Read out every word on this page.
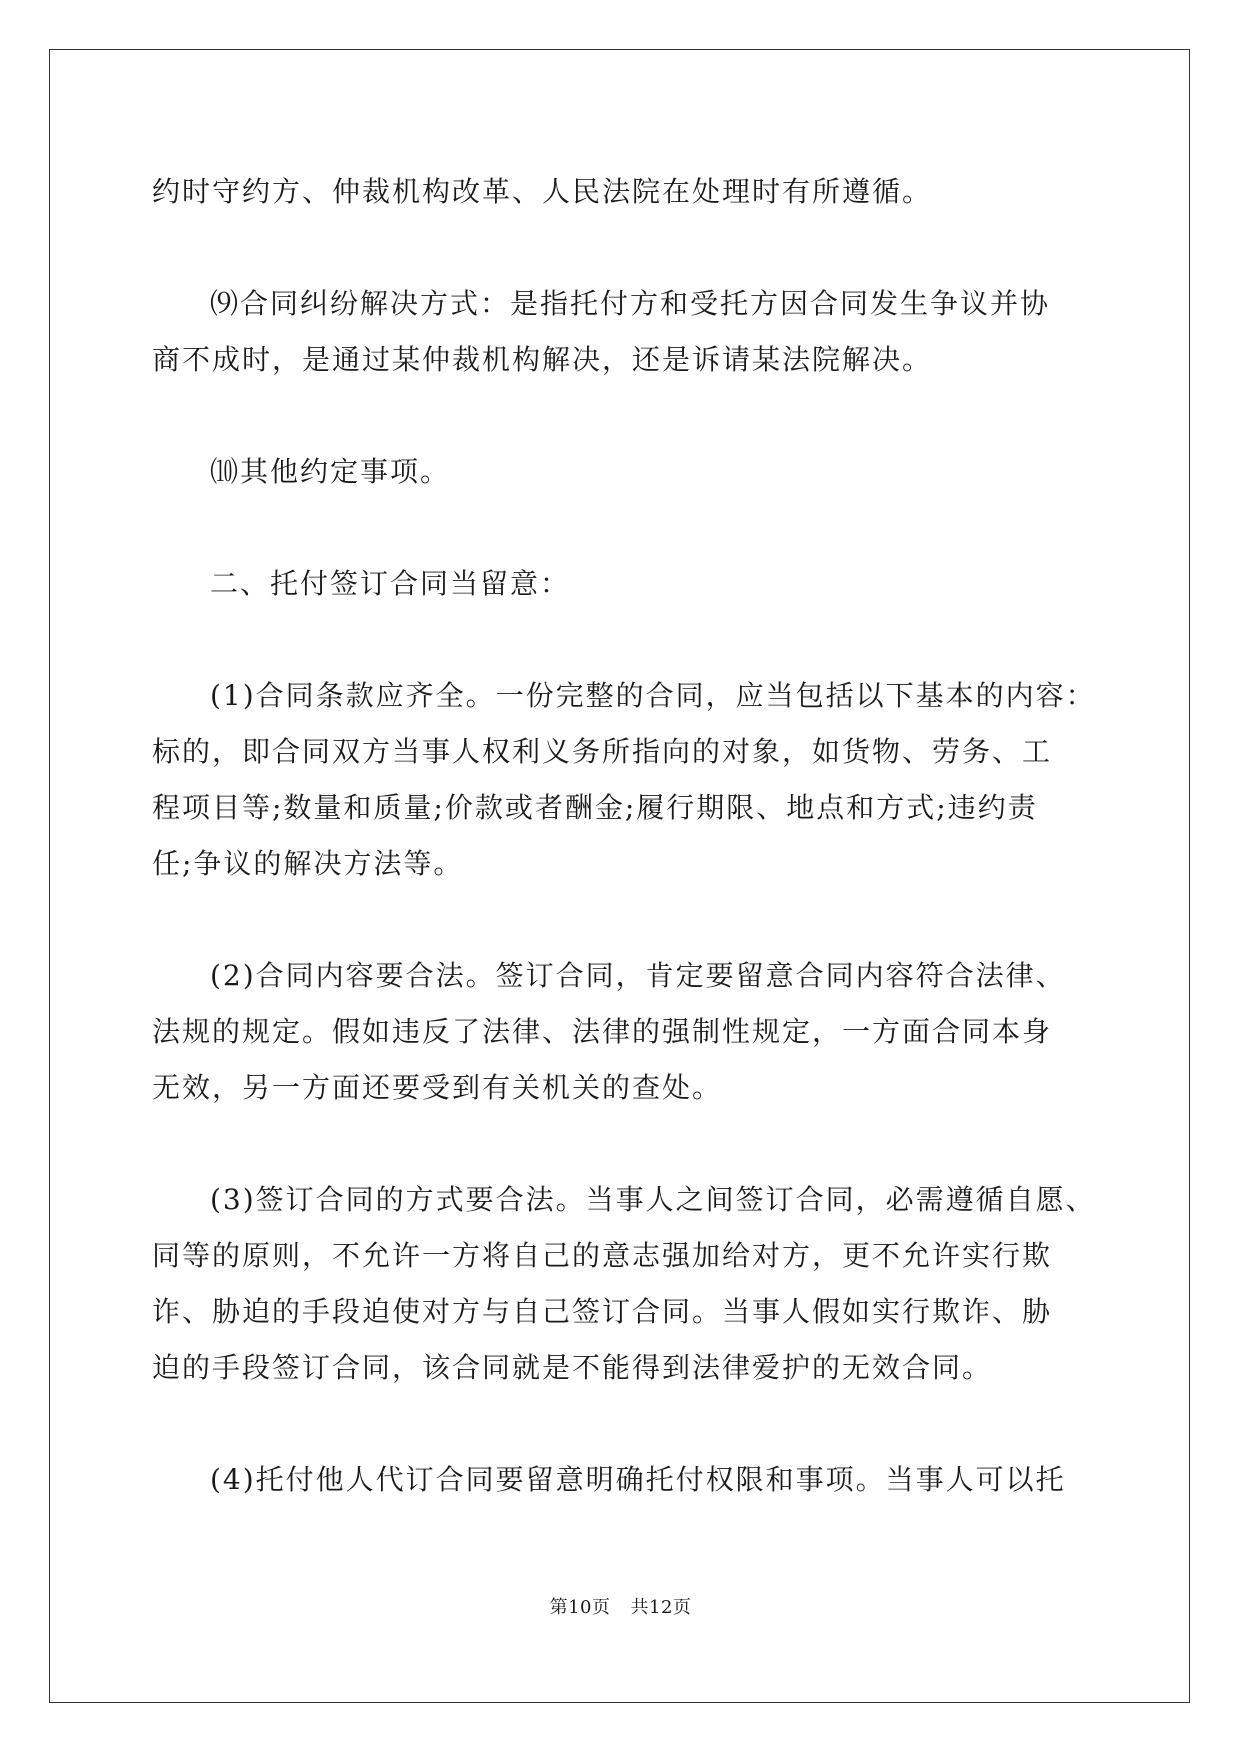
约时守约方、仲裁机构改革、人民法院在处理时有所遵循。
⑼合同纠纷解决方式：是指托付方和受托方因合同发生争议并协
商不成时，是通过某仲裁机构解决，还是诉请某法院解决。
⑽其他约定事项。
二、托付签订合同当留意：
(1)合同条款应齐全。一份完整的合同，应当包括以下基本的内容：
标的，即合同双方当事人权利义务所指向的对象，如货物、劳务、工
程项目等;数量和质量;价款或者酬金;履行期限、地点和方式;违约责
任;争议的解决方法等。
(2)合同内容要合法。签订合同，肯定要留意合同内容符合法律、
法规的规定。假如违反了法律、法律的强制性规定，一方面合同本身
无效，另一方面还要受到有关机关的查处。
(3)签订合同的方式要合法。当事人之间签订合同，必需遵循自愿、
同等的原则，不允许一方将自己的意志强加给对方，更不允许实行欺
诈、胁迫的手段迫使对方与自己签订合同。当事人假如实行欺诈、胁
迫的手段签订合同，该合同就是不能得到法律爱护的无效合同。
(4)托付他人代订合同要留意明确托付权限和事项。当事人可以托
第10页 共12页
